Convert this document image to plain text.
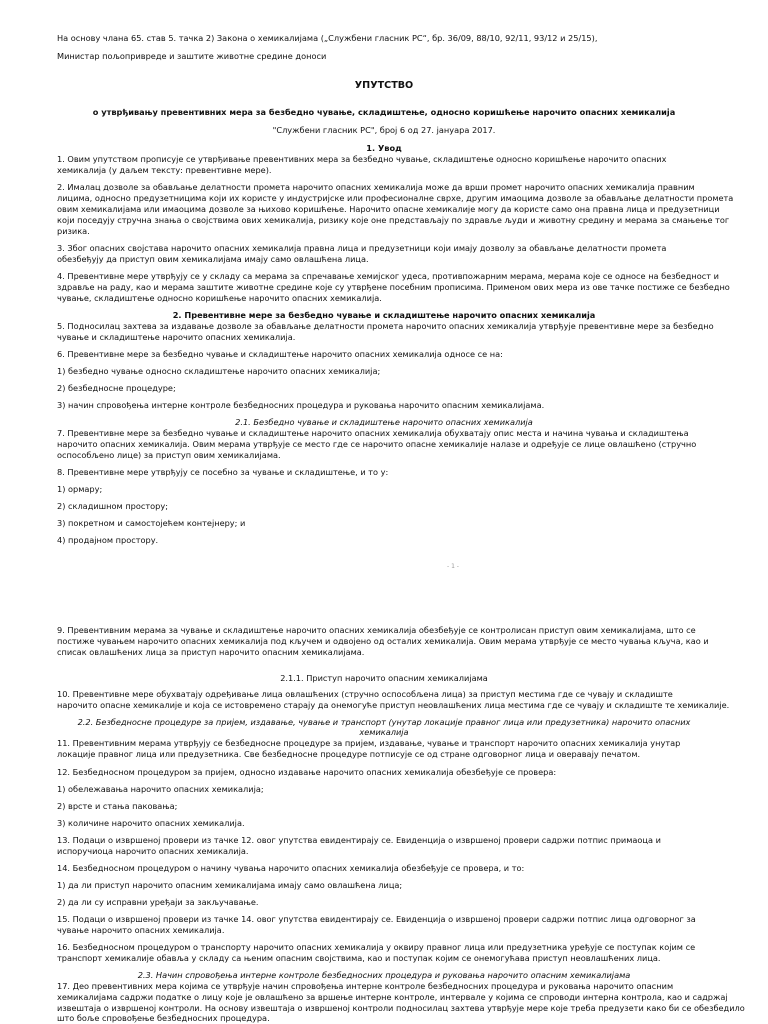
На основу члана 65. став 5. тачка 2) Закона о хемикалијама („Службени гласник РС“, бр. 36/09, 88/10, 92/11, 93/12 и 25/15),
Министар пољопривреде и заштите животне средине доноси
УПУТСТВО
о утврђивању превентивних мера за безбедно чување, складиштење, односно коришћење нарочито опасних хемикалија
"Службени гласник РС", број 6 од 27. јануара 2017.
1. Увод
1. Овим упутством прописује се утврђивање превентивних мера за безбедно чување, складиштење односно коришћење нарочито опасних
хемикалија (у даљем тексту: превентивне мере).
2. Ималац дозволе за обављање делатности промета нарочито опасних хемикалија може да врши промет нарочито опасних хемикалија правним
лицима, односно предузетницима који их користе у индустријске или професионалне сврхе, другим имаоцима дозволе за обављање делатности промета
овим хемикалијама или имаоцима дозволе за њихово коришћење. Нарочито опасне хемикалије могу да користе само она правна лица и предузетници
који поседују стручна знања о својствима ових хемикалија, ризику које оне представљају по здравље људи и животну средину и мерама за смањење тог
ризика.
3. Због опасних својстава нарочито опасних хемикалија правна лица и предузетници који имају дозволу за обављање делатности промета
обезбеђују да приступ овим хемикалијама имају само овлашћена лица.
4. Превентивне мере утврђују се у складу са мерама за спречавање хемијског удеса, противпожарним мерама, мерама које се односе на безбедност и
здравље на раду, као и мерама заштите животне средине које су утврђене посебним прописима. Применом ових мера из ове тачке постиже се безбедно
чување, складиштење односно коришћење нарочито опасних хемикалија.
2. Превентивне мере за безбедно чување и складиштење нарочито опасних хемикалија
5. Подносилац захтева за издавање дозволе за обављање делатности промета нарочито опасних хемикалија утврђује превентивне мере за безбедно
чување и складиштење нарочито опасних хемикалија.
6. Превентивне мере за безбедно чување и складиштење нарочито опасних хемикалија односе се на:
1) безбедно чување односно складиштење нарочито опасних хемикалија;
2) безбедносне процедуре;
3) начин спровођења интерне контроле безбедносних процедура и руковања нарочито опасним хемикалијама.
2.1. Безбедно чување и складиштење нарочито опасних хемикалија
7. Превентивне мере за безбедно чување и складиштење нарочито опасних хемикалија обухватају опис места и начина чувања и складиштења
нарочито опасних хемикалија. Овим мерама утврђује се место где се нарочито опасне хемикалије налазе и одређује се лице овлашћено (стручно
оспособљено лице) за приступ овим хемикалијама.
8. Превентивне мере утврђују се посебно за чување и складиштење, и то у:
1) ормару;
2) складишном простору;
3) покретном и самостојећем контејнеру; и
4) продајном простору.
- 1 -
9. Превентивним мерама за чување и складиштење нарочито опасних хемикалија обезбеђује се контролисан приступ овим хемикалијама, што се
постиже чувањем нарочито опасних хемикалија под кључем и одвојено од осталих хемикалија. Овим мерама утврђује се место чувања кључа, као и
списак овлашћених лица за приступ нарочито опасним хемикалијама.
2.1.1. Приступ нарочито опасним хемикалијама
10. Превентивне мере обухватају одређивање лица овлашћених (стручно оспособљена лица) за приступ местима где се чувају и складиште
нарочито опасне хемикалије и која се истовремено старају да онемогуће приступ неовлашћених лица местима где се чувају и складиште те хемикалије.
2.2. Безбедносне процедуре за пријем, издавање, чување и транспорт (унутар локације правног лица или предузетника) нарочито опасних
хемикалија
11. Превентивним мерама утврђују се безбедносне процедуре за пријем, издавање, чување и транспорт нарочито опасних хемикалија унутар
локације правног лица или предузетника. Све безбедносне процедуре потписује се од стране одговорног лица и оверавају печатом.
12. Безбедносном процедуром за пријем, односно издавање нарочито опасних хемикалија обезбеђује се провера:
1) обележавања нарочито опасних хемикалија;
2) врсте и стања паковања;
3) количине нарочито опасних хемикалија.
13. Подаци о извршеној провери из тачке 12. овог упутства евидентирају се. Евиденција о извршеној провери садржи потпис примаоца и
испоручиоца нарочито опасних хемикалија.
14. Безбедносном процедуром о начину чувања нарочито опасних хемикалија обезбеђује се провера, и то:
1) да ли приступ нарочито опасним хемикалијама имају само овлашћена лица;
2) да ли су исправни уређаји за закључавање.
15. Подаци о извршеној провери из тачке 14. овог упутства евидентирају се. Евиденција о извршеној провери садржи потпис лица одговорног за
чување нарочито опасних хемикалија.
16. Безбедносном процедуром о транспорту нарочито опасних хемикалија у оквиру правног лица или предузетника уређује се поступак којим се
транспорт хемикалије обавља у складу са њеним опасним својствима, као и поступак којим се онемогућава приступ неовлашћених лица.
2.3. Начин спровођења интерне контроле безбедносних процедура и руковања нарочито опасним хемикалијама
17. Део превентивних мера којима се утврђује начин спровођења интерне контроле безбедносних процедура и руковања нарочито опасним
хемикалијама садржи податке о лицу које је овлашћено за вршење интерне контроле, интервале у којима се спроводи интерна контрола, као и садржај
извештаја о извршеној контроли. На основу извештаја о извршеној контроли подносилац захтева утврђује мере које треба предузети како би се обезбедило
што боље спровођење безбедносних процедура.
